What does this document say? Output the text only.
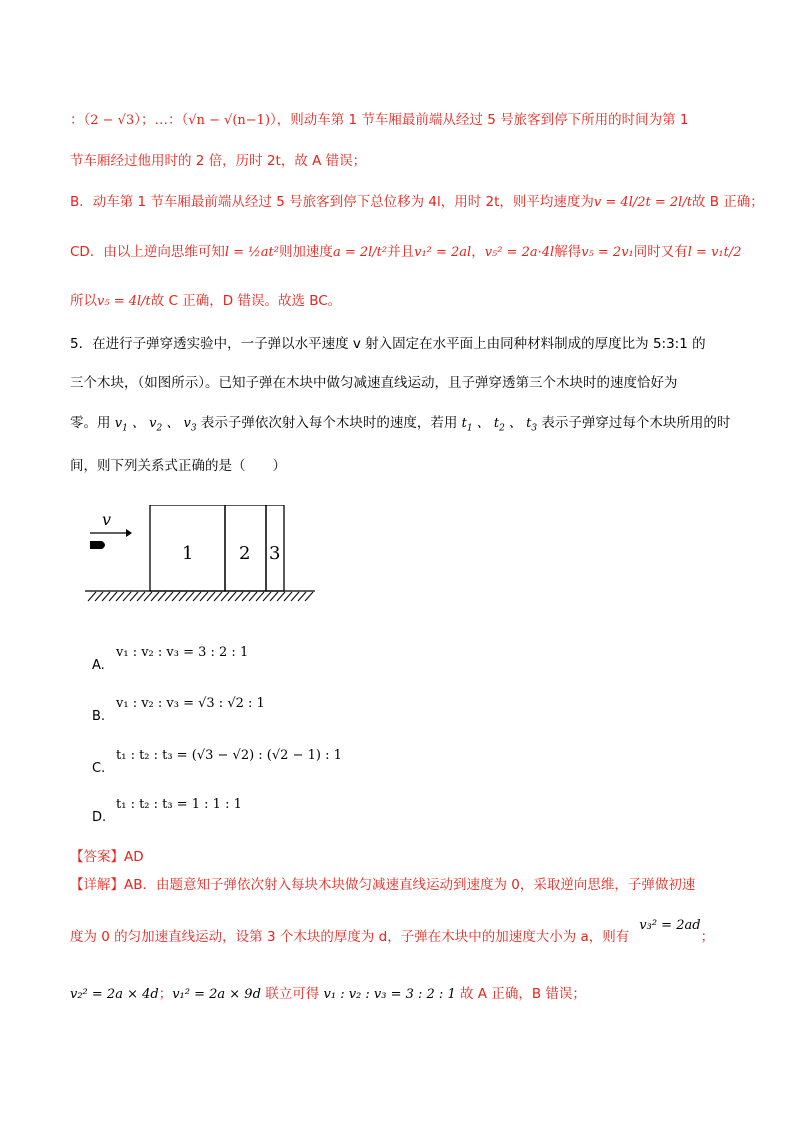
：（2 − √3）；…：（√n − √(n−1)），则动车第 1 节车厢最前端从经过 5 号旅客到停下所用的时间为第 1
节车厢经过他用时的 2 倍，历时 2t，故 A 错误；
B．动车第 1 节车厢最前端从经过 5 号旅客到停下总位移为 4l，用时 2t，则平均速度为v = 4l/2t = 2l/t故 B 正确；
CD．由以上逆向思维可知l = ½at²则加速度a = 2l/t²并且v₁² = 2al，v₅² = 2a·4l解得v₅ = 2v₁同时又有l = v₁t/2
所以v₅ = 4l/t故 C 正确，D 错误。故选 BC。
5．在进行子弹穿透实验中，一子弹以水平速度 v 射入固定在水平面上由同种材料制成的厚度比为 5:3:1 的
三个木块，（如图所示）。已知子弹在木块中做匀减速直线运动，且子弹穿透第三个木块时的速度恰好为
零。用 $v_1$ 、 $v_2$ 、 $v_3$ 表示子弹依次射入每个木块时的速度，若用 $t_1$ 、 $t_2$ 、 $t_3$ 表示子弹穿过每个木块所用的时
间，则下列关系式正确的是（　　）
v
1	2 3
v₁ : v₂ : v₃ = 3 : 2 : 1
A.
v₁ : v₂ : v₃ = √3 : √2 : 1
B.
t₁ : t₂ : t₃ = (√3 − √2) : (√2 − 1) : 1
C.
t₁ : t₂ : t₃ = 1 : 1 : 1
D.
【答案】AD
【详解】AB．由题意知子弹依次射入每块木块做匀减速直线运动到速度为 0，采取逆向思维，子弹做初速
度为 0 的匀加速直线运动，设第 3 个木块的厚度为 d，子弹在木块中的加速度大小为 a，则有v₃² = 2ad；
v₂² = 2a × 4d；v₁² = 2a × 9d 联立可得 v₁ : v₂ : v₃ = 3 : 2 : 1 故 A 正确，B 错误；
